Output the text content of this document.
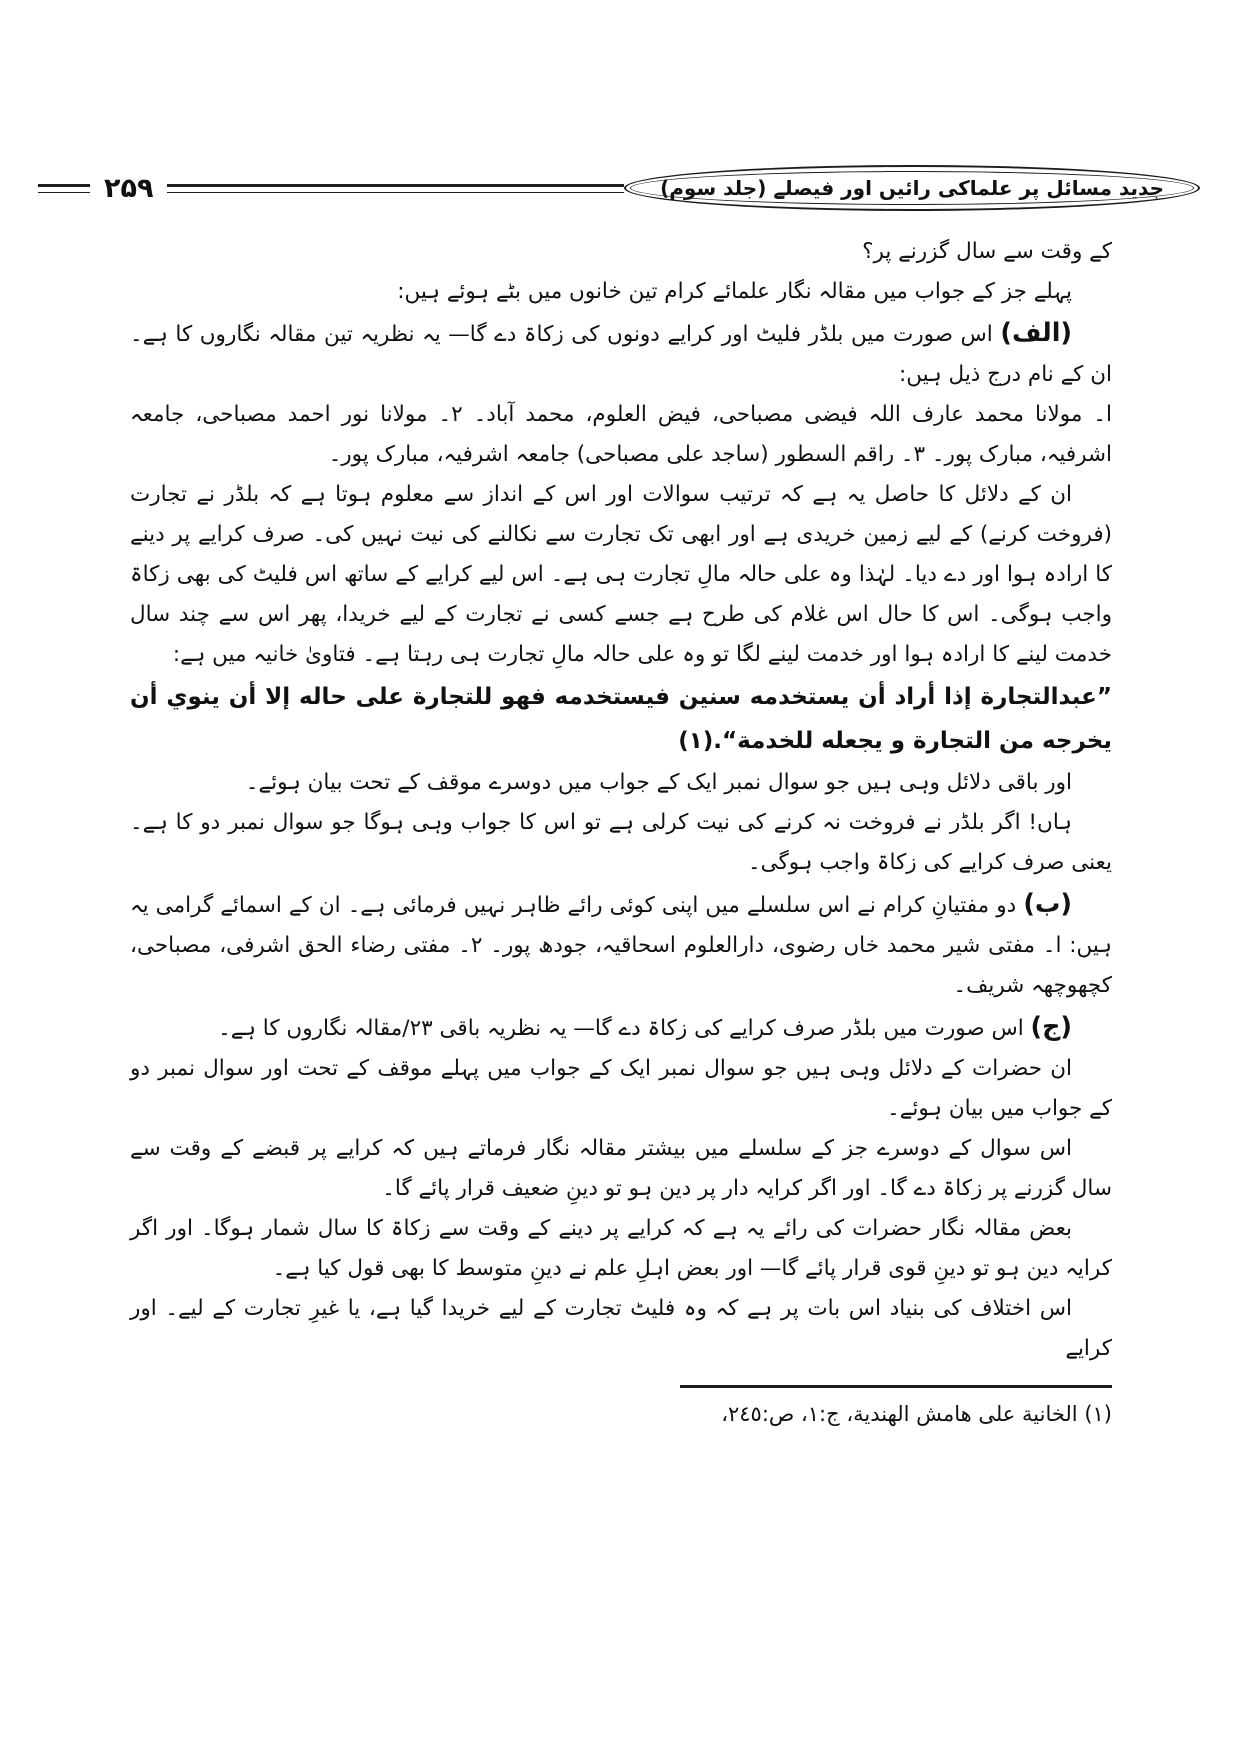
۲۵۹	جدید مسائل پر علماکی رائیں اور فیصلے (جلد سوم)

کے وقت سے سال گزرنے پر؟

پہلے جز کے جواب میں مقالہ نگار علمائے کرام تین خانوں میں بٹے ہوئے ہیں:

(الف) اس صورت میں بلڈر فلیٹ اور کرایے دونوں کی زکاۃ دے گا— یہ نظریہ تین مقالہ نگاروں کا ہے۔ ان کے نام درج ذیل ہیں:

ا۔ مولانا محمد عارف اللہ فیضی مصباحی، فیض العلوم، محمد آباد۔ ۲۔ مولانا نور احمد مصباحی، جامعہ اشرفیہ، مبارک پور۔ ۳۔ راقم السطور (ساجد علی مصباحی) جامعہ اشرفیہ، مبارک پور۔

ان کے دلائل کا حاصل یہ ہے کہ ترتیب سوالات اور اس کے انداز سے معلوم ہوتا ہے کہ بلڈر نے تجارت (فروخت کرنے) کے لیے زمین خریدی ہے اور ابھی تک تجارت سے نکالنے کی نیت نہیں کی۔ صرف کرایے پر دینے کا ارادہ ہوا اور دے دیا۔ لہٰذا وہ علی حالہ مالِ تجارت ہی ہے۔ اس لیے کرایے کے ساتھ اس فلیٹ کی بھی زکاۃ واجب ہوگی۔ اس کا حال اس غلام کی طرح ہے جسے کسی نے تجارت کے لیے خریدا، پھر اس سے چند سال خدمت لینے کا ارادہ ہوا اور خدمت لینے لگا تو وہ علی حالہ مالِ تجارت ہی رہتا ہے۔ فتاویٰ خانیہ میں ہے:

”عبدالتجارة إذا أراد أن يستخدمه سنين فيستخدمه فهو للتجارة على حاله إلا أن ينوي أن يخرجه من التجارة و يجعله للخدمة“.(۱)

اور باقی دلائل وہی ہیں جو سوال نمبر ایک کے جواب میں دوسرے موقف کے تحت بیان ہوئے۔

ہاں! اگر بلڈر نے فروخت نہ کرنے کی نیت کرلی ہے تو اس کا جواب وہی ہوگا جو سوال نمبر دو کا ہے۔ یعنی صرف کرایے کی زکاۃ واجب ہوگی۔

(ب) دو مفتیانِ کرام نے اس سلسلے میں اپنی کوئی رائے ظاہر نہیں فرمائی ہے۔ ان کے اسمائے گرامی یہ ہیں: ا۔ مفتی شیر محمد خاں رضوی، دارالعلوم اسحاقیہ، جودھ پور۔ ۲۔ مفتی رضاء الحق اشرفی، مصباحی، کچھوچھہ شریف۔

(ج) اس صورت میں بلڈر صرف کرایے کی زکاۃ دے گا— یہ نظریہ باقی ۲۳/مقالہ نگاروں کا ہے۔

ان حضرات کے دلائل وہی ہیں جو سوال نمبر ایک کے جواب میں پہلے موقف کے تحت اور سوال نمبر دو کے جواب میں بیان ہوئے۔

اس سوال کے دوسرے جز کے سلسلے میں بیشتر مقالہ نگار فرماتے ہیں کہ کرایے پر قبضے کے وقت سے سال گزرنے پر زکاۃ دے گا۔ اور اگر کرایہ دار پر دین ہو تو دینِ ضعیف قرار پائے گا۔

بعض مقالہ نگار حضرات کی رائے یہ ہے کہ کرایے پر دینے کے وقت سے زکاۃ کا سال شمار ہوگا۔ اور اگر کرایہ دین ہو تو دینِ قوی قرار پائے گا— اور بعض اہلِ علم نے دینِ متوسط کا بھی قول کیا ہے۔

اس اختلاف کی بنیاد اس بات پر ہے کہ وہ فلیٹ تجارت کے لیے خریدا گیا ہے، یا غیرِ تجارت کے لیے۔ اور کرایے

(۱) الخانية على هامش الهندية، ج:۱، ص:۲٤٥،
